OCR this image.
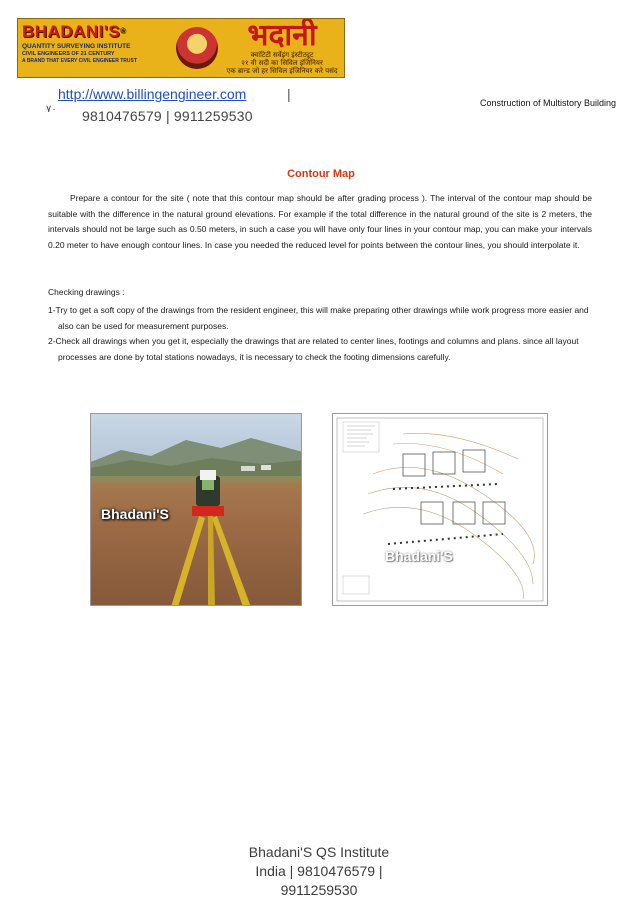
BHADANI'S®
QUANTITY SURVEYING INSTITUTE
CIVIL ENGINEERS OF 21 CENTURY
A BRAND THAT EVERY CIVIL ENGINEER TRUST
भदानी
क्वांटिटी सर्वेइंग इंस्टीट्यूट
२१ वी सदी का सिविल इंजिनियर
एक ब्रान्ड जो हर सिविल इंजिनियर करे पसंद
http://www.billingengineer.com	|
٧٠ 9810476579 | 9911259530
Construction of Multistory Building
Contour Map
Prepare a contour for the site ( note that this contour map should be after grading process ). The interval of the contour map should be suitable with the difference in the natural ground elevations. For example if the total difference in the natural ground of the site is 2 meters, the intervals should not be large such as 0.50 meters, in such a case you will have only four lines in your contour map, you can make your intervals 0.20 meter to have enough contour lines. In case you needed the reduced level for points between the contour lines, you should interpolate it.
Checking drawings :
1-Try to get a soft copy of the drawings from the resident engineer, this will make preparing other drawings while work progress more easier and also can be used for measurement purposes.
2-Check all drawings when you get it, especially the drawings that are related to center lines, footings and columns and plans. since all layout processes are done by total stations nowadays, it is necessary to check the footing dimensions carefully.
Bhadani'S
Bhadani'S
Bhadani'S QS Institute
India | 9810476579 |
9911259530
